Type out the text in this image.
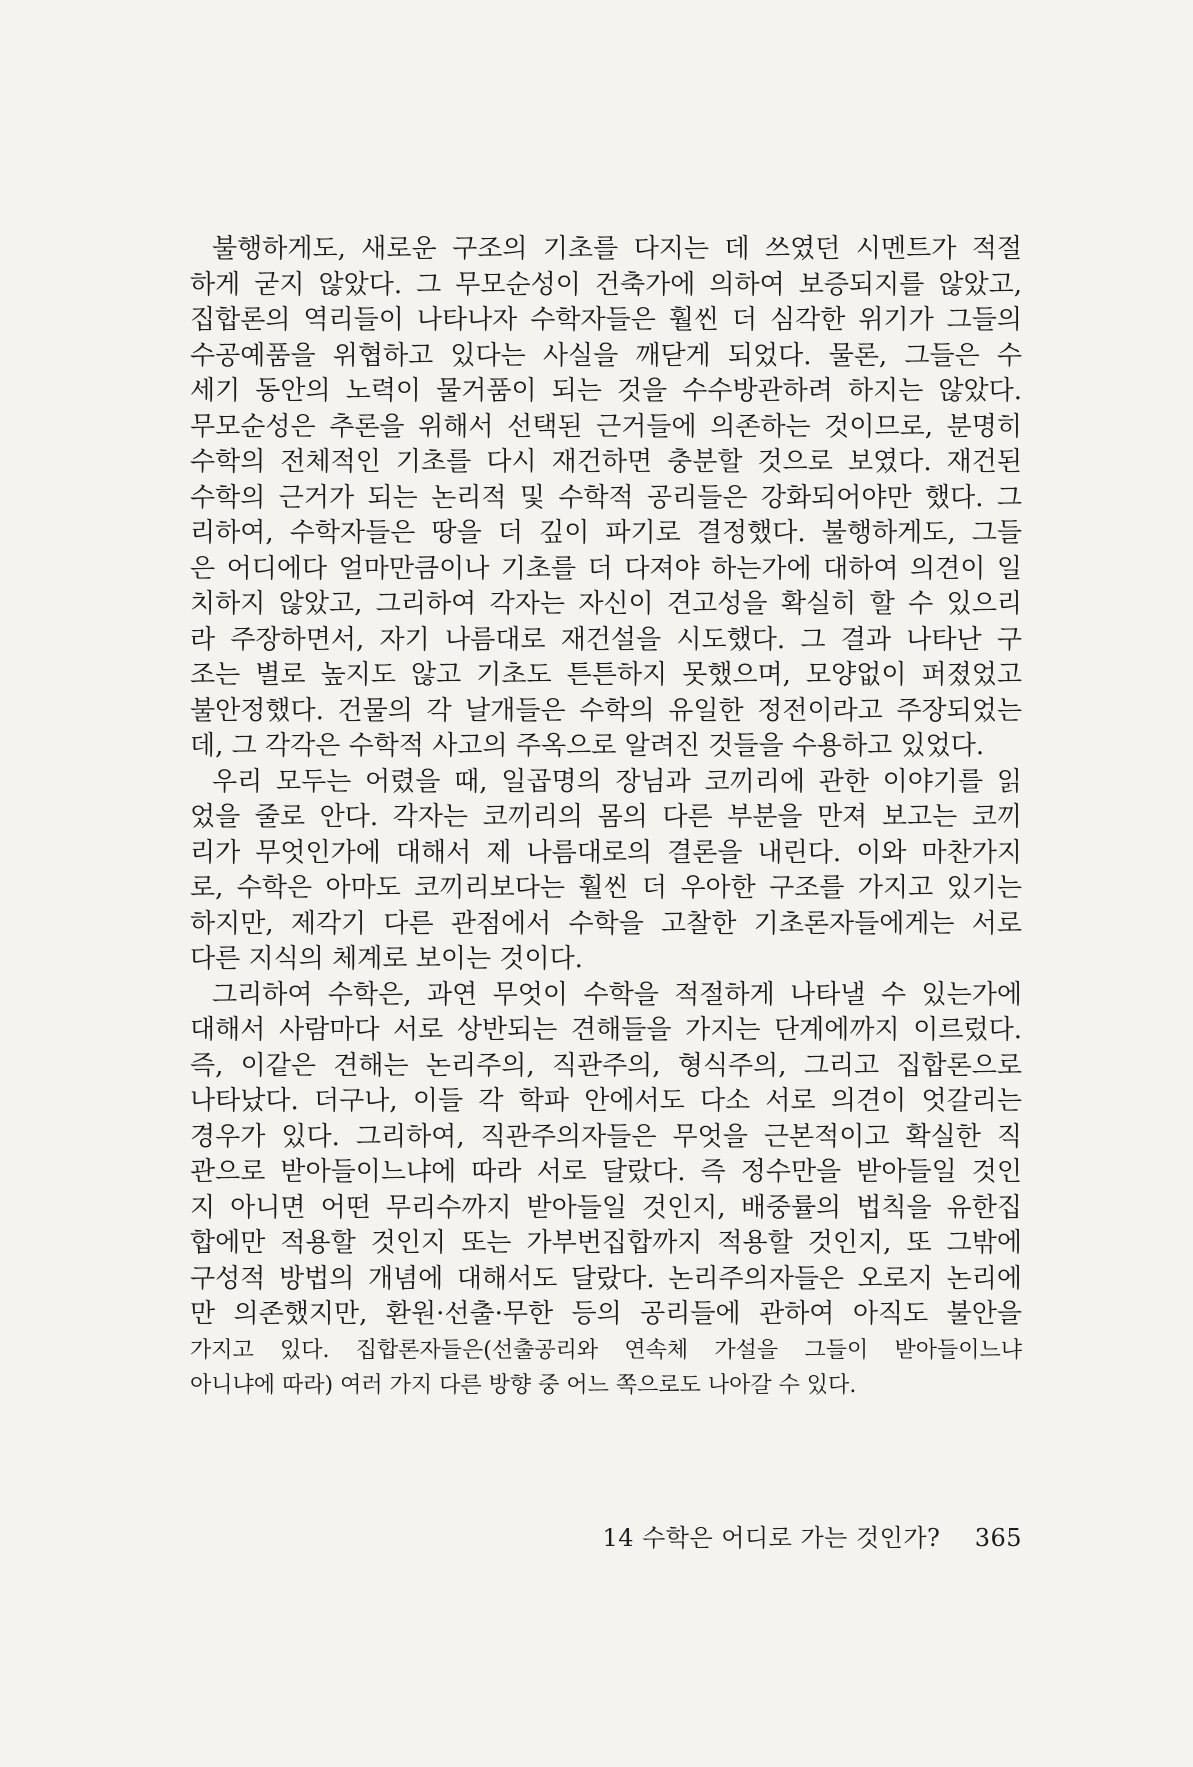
불행하게도, 새로운 구조의 기초를 다지는 데 쓰였던 시멘트가 적절
하게 굳지 않았다. 그 무모순성이 건축가에 의하여 보증되지를 않았고,
집합론의 역리들이 나타나자 수학자들은 훨씬 더 심각한 위기가 그들의
수공예품을 위협하고 있다는 사실을 깨닫게 되었다. 물론, 그들은 수
세기 동안의 노력이 물거품이 되는 것을 수수방관하려 하지는 않았다.
무모순성은 추론을 위해서 선택된 근거들에 의존하는 것이므로, 분명히
수학의 전체적인 기초를 다시 재건하면 충분할 것으로 보였다. 재건된
수학의 근거가 되는 논리적 및 수학적 공리들은 강화되어야만 했다. 그
리하여, 수학자들은 땅을 더 깊이 파기로 결정했다. 불행하게도, 그들
은 어디에다 얼마만큼이나 기초를 더 다져야 하는가에 대하여 의견이 일
치하지 않았고, 그리하여 각자는 자신이 견고성을 확실히 할 수 있으리
라 주장하면서, 자기 나름대로 재건설을 시도했다. 그 결과 나타난 구
조는 별로 높지도 않고 기초도 튼튼하지 못했으며, 모양없이 퍼졌었고
불안정했다. 건물의 각 날개들은 수학의 유일한 정전이라고 주장되었는
데, 그 각각은 수학적 사고의 주옥으로 알려진 것들을 수용하고 있었다.
우리 모두는 어렸을 때, 일곱명의 장님과 코끼리에 관한 이야기를 읽
었을 줄로 안다. 각자는 코끼리의 몸의 다른 부분을 만져 보고는 코끼
리가 무엇인가에 대해서 제 나름대로의 결론을 내린다. 이와 마찬가지
로, 수학은 아마도 코끼리보다는 훨씬 더 우아한 구조를 가지고 있기는
하지만, 제각기 다른 관점에서 수학을 고찰한 기초론자들에게는 서로
다른 지식의 체계로 보이는 것이다.
그리하여 수학은, 과연 무엇이 수학을 적절하게 나타낼 수 있는가에
대해서 사람마다 서로 상반되는 견해들을 가지는 단계에까지 이르렀다.
즉, 이같은 견해는 논리주의, 직관주의, 형식주의, 그리고 집합론으로
나타났다. 더구나, 이들 각 학파 안에서도 다소 서로 의견이 엇갈리는
경우가 있다. 그리하여, 직관주의자들은 무엇을 근본적이고 확실한 직
관으로 받아들이느냐에 따라 서로 달랐다. 즉 정수만을 받아들일 것인
지 아니면 어떤 무리수까지 받아들일 것인지, 배중률의 법칙을 유한집
합에만 적용할 것인지 또는 가부번집합까지 적용할 것인지, 또 그밖에
구성적 방법의 개념에 대해서도 달랐다. 논리주의자들은 오로지 논리에
만 의존했지만, 환원·선출·무한 등의 공리들에 관하여 아직도 불안을
가지고 있다. 집합론자들은(선출공리와 연속체 가설을 그들이 받아들이느냐
아니냐에 따라) 여러 가지 다른 방향 중 어느 쪽으로도 나아갈 수 있다.
14 수학은 어디로 가는 것인가? 365
